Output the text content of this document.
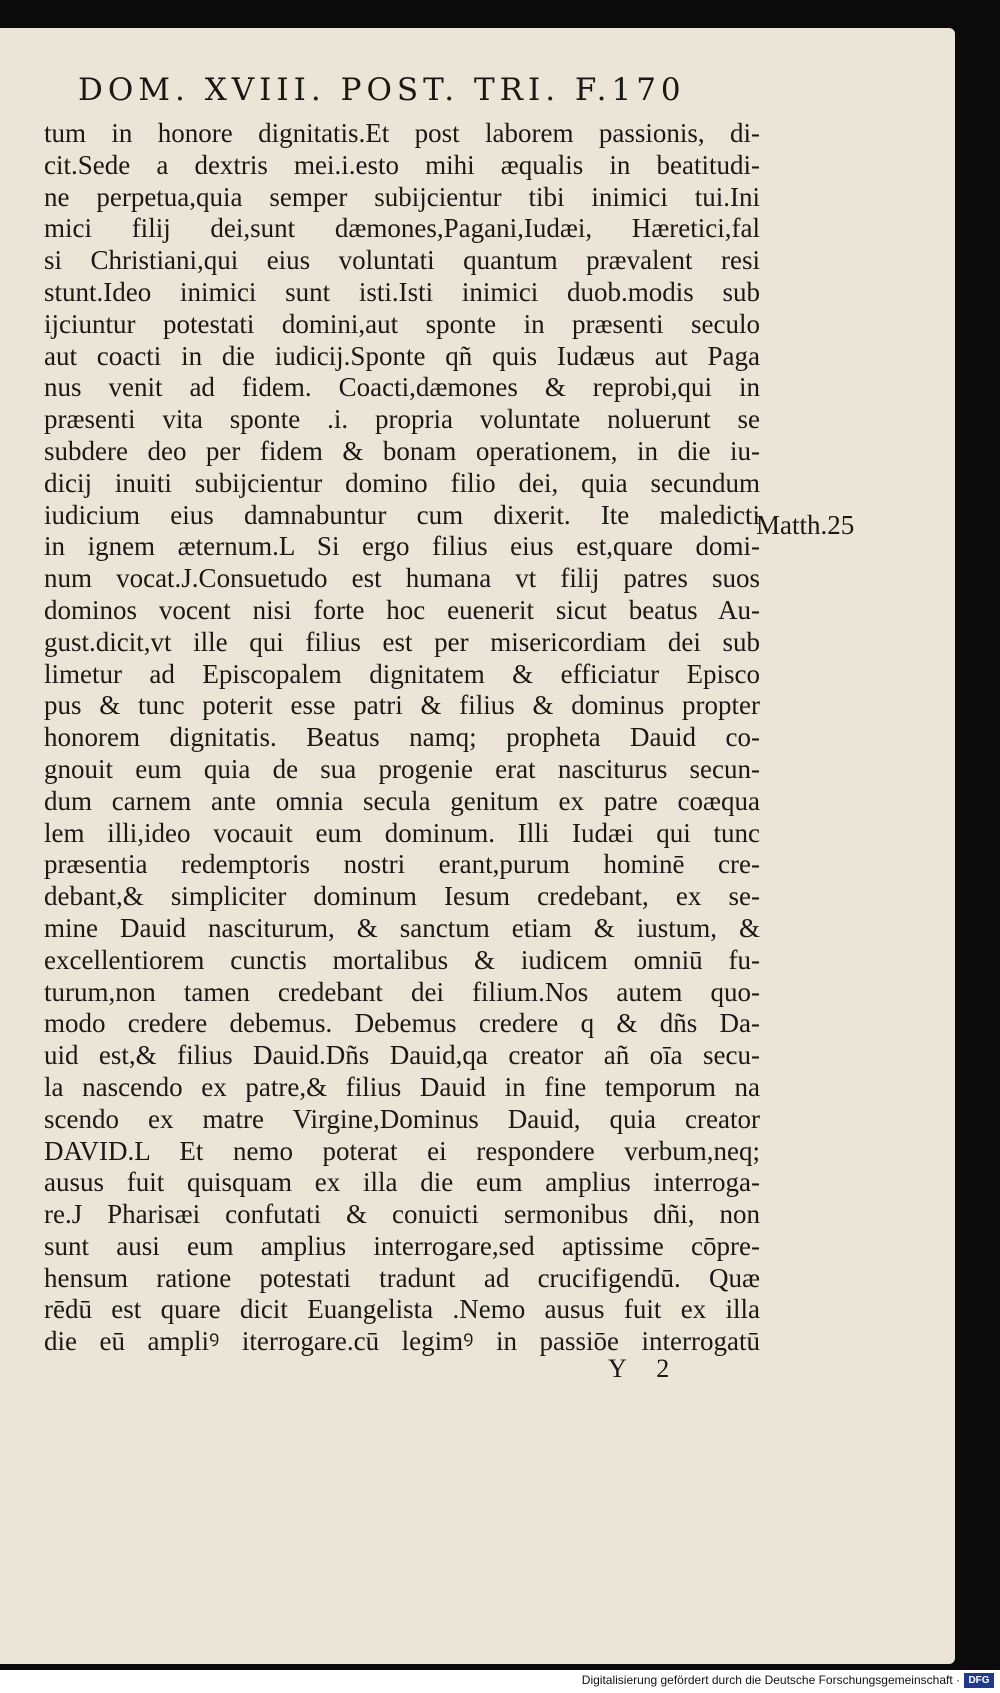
DOM. XVIII. POST. TRI. F.170
tum in honore dignitatis.Et post laborem passionis, di-
cit.Sede a dextris mei.i.esto mihi æqualis in beatitudi-
ne perpetua,quia semper subijcientur tibi inimici tui.Ini
mici filij dei,sunt dæmones,Pagani,Iudæi, Hæretici,fal
si Christiani,qui eius voluntati quantum prævalent resi
stunt.Ideo inimici sunt isti.Isti inimici duob.modis sub
ijciuntur potestati domini,aut sponte in præsenti seculo
aut coacti in die iudicij.Sponte qñ quis Iudæus aut Paga
nus venit ad fidem. Coacti,dæmones & reprobi,qui in
præsenti vita sponte .i. propria voluntate noluerunt se
subdere deo per fidem & bonam operationem, in die iu-
dicij inuiti subijcientur domino filio dei, quia secundum
iudicium eius damnabuntur cum dixerit. Ite maledicti
in ignem æternum.L Si ergo filius eius est,quare domi-
num vocat.J.Consuetudo est humana vt filij patres suos
dominos vocent nisi forte hoc euenerit sicut beatus Au-
gust.dicit,vt ille qui filius est per misericordiam dei sub
limetur ad Episcopalem dignitatem & efficiatur Episco
pus & tunc poterit esse patri & filius & dominus propter
honorem dignitatis. Beatus namq; propheta Dauid co-
gnouit eum quia de sua progenie erat nasciturus secun-
dum carnem ante omnia secula genitum ex patre coæqua
lem illi,ideo vocauit eum dominum. Illi Iudæi qui tunc
præsentia redemptoris nostri erant,purum hominē cre-
debant,& simpliciter dominum Iesum credebant, ex se-
mine Dauid nasciturum, & sanctum etiam & iustum, &
excellentiorem cunctis mortalibus & iudicem omniū fu-
turum,non tamen credebant dei filium.Nos autem quo-
modo credere debemus. Debemus credere q & dñs Da-
uid est,& filius Dauid.Dñs Dauid,qa creator añ oīa secu-
la nascendo ex patre,& filius Dauid in fine temporum na
scendo ex matre Virgine,Dominus Dauid, quia creator
DAVID.L Et nemo poterat ei respondere verbum,neq;
ausus fuit quisquam ex illa die eum amplius interroga-
re.J Pharisæi confutati & conuicti sermonibus dñi, non
sunt ausi eum amplius interrogare,sed aptissime cōpre-
hensum ratione potestati tradunt ad crucifigendū. Quæ
rēdū est quare dicit Euangelista .Nemo ausus fuit ex illa
die eū ampliꝰ iterrogare.cū legimꝰ in passiōe interrogatū
Matth.25
Y 2
Digitalisierung gefördert durch die Deutsche Forschungsgemeinschaft · DFG
